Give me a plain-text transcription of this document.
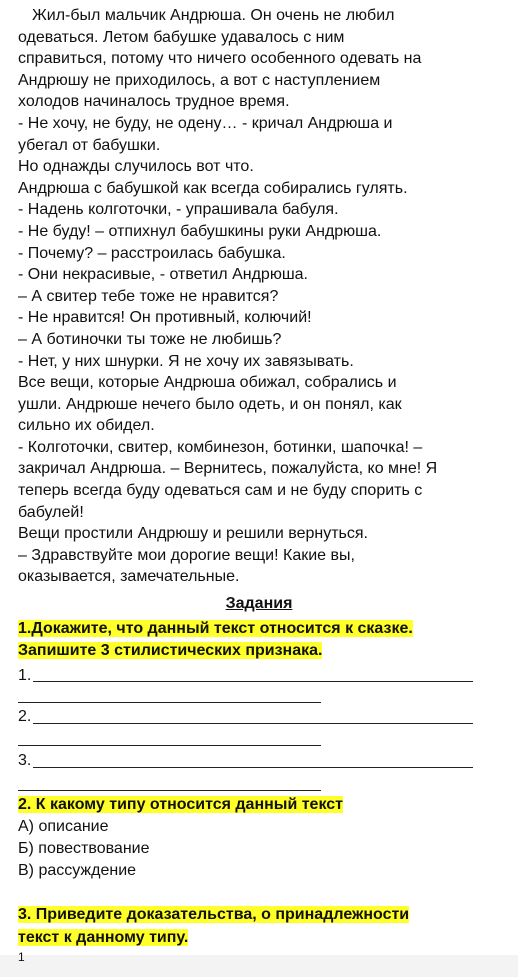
Жил-был мальчик Андрюша. Он очень не любил

одеваться. Летом бабушке удавалось с ним

справиться, потому что ничего особенного одевать на

Андрюшу не приходилось, а вот с наступлением

холодов начиналось трудное время.

- Не хочу, не буду, не одену… - кричал Андрюша и

убегал от бабушки.

Но однажды случилось вот что.

Андрюша с бабушкой как всегда собирались гулять.

- Надень колготочки, - упрашивала бабуля.

- Не буду! – отпихнул бабушкины руки Андрюша.

- Почему? – расстроилась бабушка.

- Они некрасивые, - ответил Андрюша.

– А свитер тебе тоже не нравится?

- Не нравится! Он противный, колючий!

– А ботиночки ты тоже не любишь?

- Нет, у них шнурки. Я не хочу их завязывать.

Все вещи, которые Андрюша обижал, собрались и

ушли. Андрюше нечего было одеть, и он понял, как

сильно их обидел.

- Колготочки, свитер, комбинезон, ботинки, шапочка! –

закричал Андрюша. – Вернитесь, пожалуйста, ко мне! Я

теперь всегда буду одеваться сам и не буду спорить с

бабулей!

Вещи простили Андрюшу и решили вернуться.

– Здравствуйте мои дорогие вещи! Какие вы,

оказывается, замечательные.

Задания
1.Докажите, что данный текст относится к сказке.
Запишите 3 стилистических признака.
1.
2.
3.
2. К какому типу относится данный текст
А) описание
Б) повествование
В) рассуждение
3. Приведите доказательства, о принадлежности
текст к данному типу.
1
